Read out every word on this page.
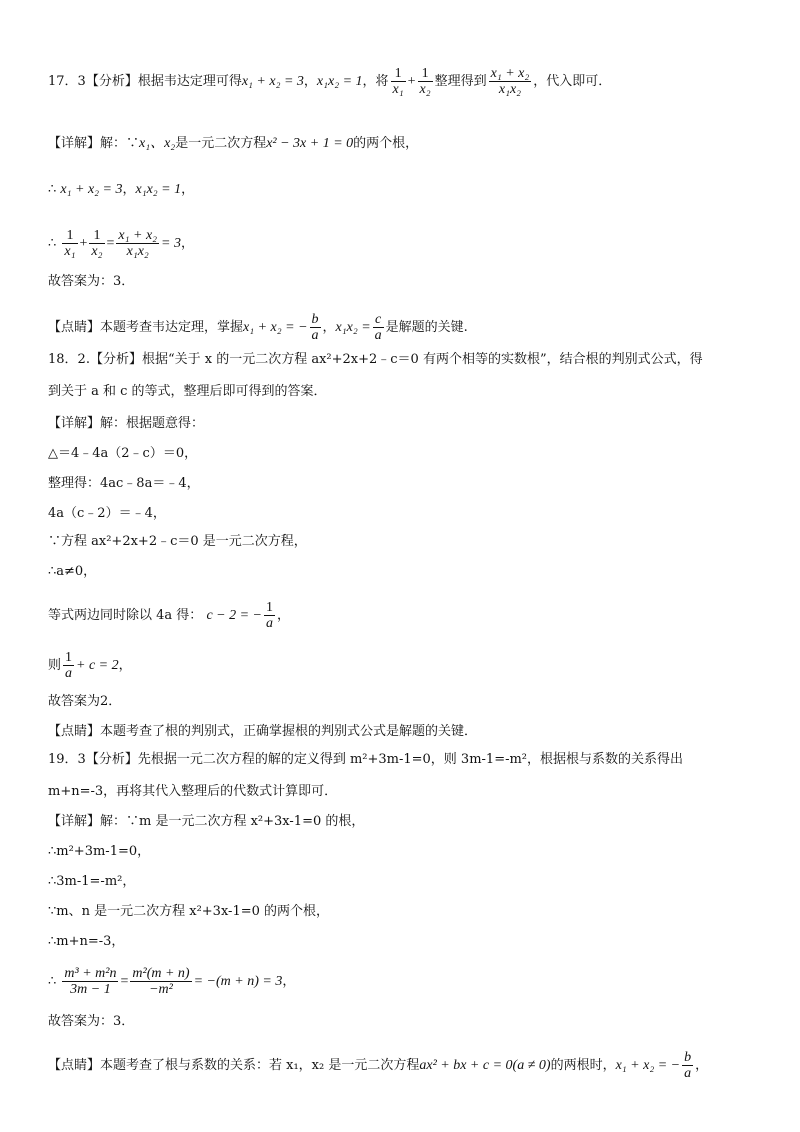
17．3【分析】根据韦达定理可得x₁ + x₂ = 3，x₁x₂ = 1，将 $\frac{1}{\text{x₁}} + \frac{1}{\text{x₂}}$ 整理得到 $\frac{\text{x₁ + x₂}}{\text{x₁x₂}}$ ，代入即可．
【详解】解：∵x₁、x₂是一元二次方程x² − 3x + 1 = 0的两个根，
∴ x₁ + x₂ = 3，x₁x₂ = 1，
∴ $\frac{1}{\text{x₁}} + \frac{1}{\text{x₂}} = \frac{\text{x₁ + x₂}}{\text{x₁x₂}} = 3$，
故答案为：3．
【点睛】本题考查韦达定理，掌握x₁ + x₂ = − $\frac{b}{a}$ ，$x_1x_2 = \frac{c}{a}$ 是解题的关键.
18．2.【分析】根据“关于 x 的一元二次方程 ax²+2x+2﹣c＝0 有两个相等的实数根”，结合根的判别式公式，得
到关于 a 和 c 的等式，整理后即可得到的答案．
【详解】解：根据题意得：
△＝4﹣4a（2﹣c）＝0，
整理得：4ac﹣8a＝﹣4，
4a（c﹣2）＝﹣4，
∵方程 ax²+2x+2﹣c＝0 是一元二次方程，
∴a≠0，
等式两边同时除以 4a 得： c − 2 = − $\frac{1}{a}$ ，
则 $\frac{1}{a} + c = 2$，
故答案为2．
【点睛】本题考查了根的判别式，正确掌握根的判别式公式是解题的关键．
19．3【分析】先根据一元二次方程的解的定义得到 m²+3m-1=0，则 3m-1=-m²，根据根与系数的关系得出
m+n=-3，再将其代入整理后的代数式计算即可．
【详解】解：∵m 是一元二次方程 x²+3x-1=0 的根，
∴m²+3m-1=0，
∴3m-1=-m²，
∵m、n 是一元二次方程 x²+3x-1=0 的两个根，
∴m+n=-3，
∴ $\frac{\text{m³ + m²n}}{3m - 1} = \frac{\text{m²(m + n)}}{\text{−m²}} = -(m + n) = 3$，
故答案为：3．
【点睛】本题考查了根与系数的关系：若 x₁，x₂ 是一元二次方程ax² + bx + c = 0(a ≠ 0)的两根时，x₁ + x₂ = − $\frac{b}{a}$ ，
